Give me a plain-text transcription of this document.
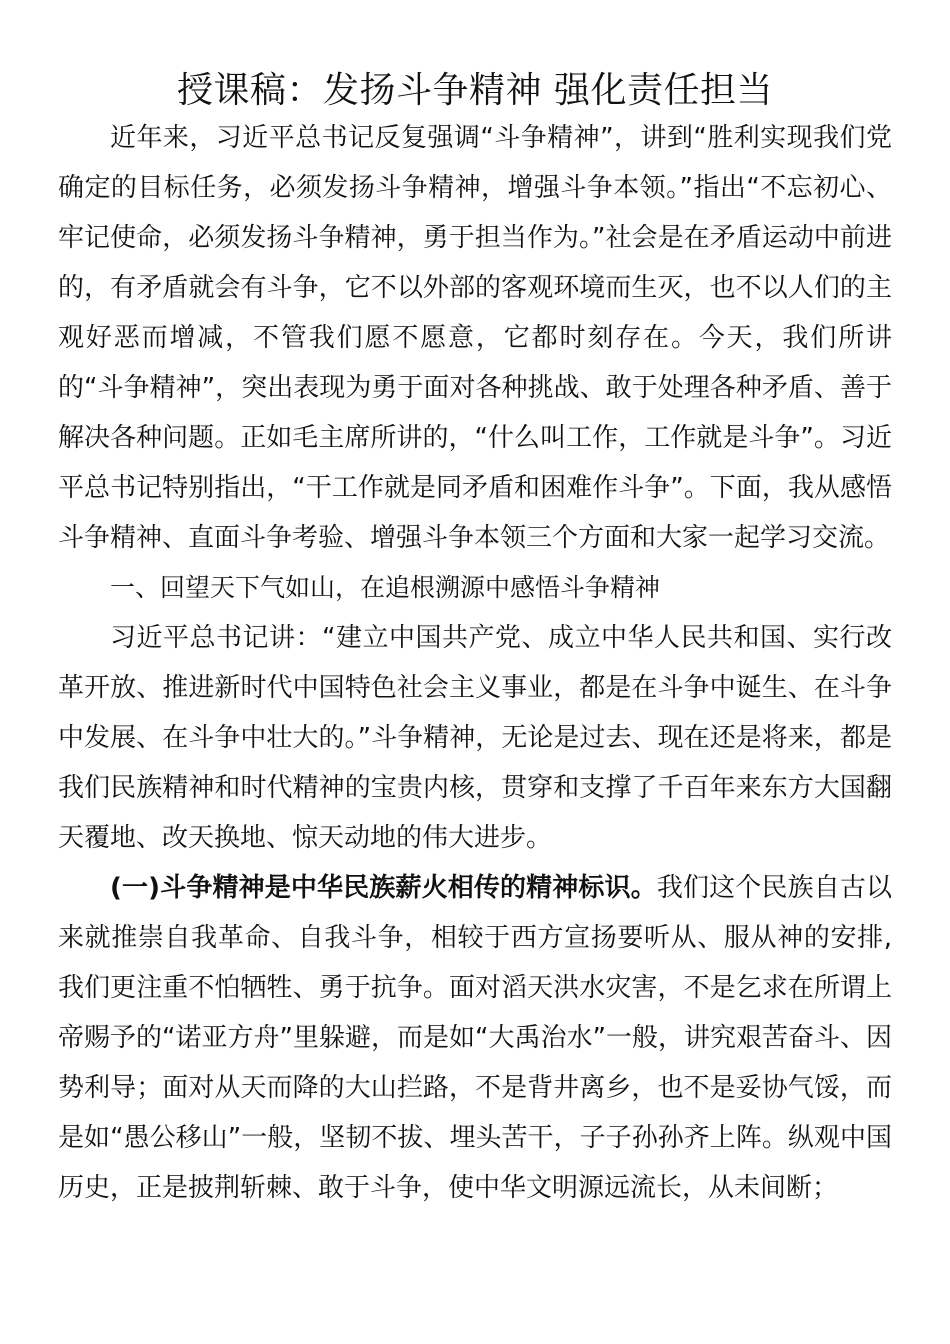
授课稿：发扬斗争精神 强化责任担当

近年来，习近平总书记反复强调“斗争精神”，讲到“胜利实现我们党确定的目标任务，必须发扬斗争精神，增强斗争本领。”指出“不忘初心、牢记使命，必须发扬斗争精神，勇于担当作为。”社会是在矛盾运动中前进的，有矛盾就会有斗争，它不以外部的客观环境而生灭，也不以人们的主观好恶而增减，不管我们愿不愿意，它都时刻存在。今天，我们所讲的“斗争精神”，突出表现为勇于面对各种挑战、敢于处理各种矛盾、善于解决各种问题。正如毛主席所讲的，“什么叫工作，工作就是斗争”。习近平总书记特别指出，“干工作就是同矛盾和困难作斗争”。下面，我从感悟斗争精神、直面斗争考验、增强斗争本领三个方面和大家一起学习交流。

一、回望天下气如山，在追根溯源中感悟斗争精神

习近平总书记讲：“建立中国共产党、成立中华人民共和国、实行改革开放、推进新时代中国特色社会主义事业，都是在斗争中诞生、在斗争中发展、在斗争中壮大的。”斗争精神，无论是过去、现在还是将来，都是我们民族精神和时代精神的宝贵内核，贯穿和支撑了千百年来东方大国翻天覆地、改天换地、惊天动地的伟大进步。

(一)斗争精神是中华民族薪火相传的精神标识。我们这个民族自古以来就推崇自我革命、自我斗争，相较于西方宣扬要听从、服从神的安排,我们更注重不怕牺牲、勇于抗争。面对滔天洪水灾害，不是乞求在所谓上帝赐予的“诺亚方舟”里躲避，而是如“大禹治水”一般，讲究艰苦奋斗、因势利导；面对从天而降的大山拦路，不是背井离乡，也不是妥协气馁，而是如“愚公移山”一般，坚韧不拔、埋头苦干，子子孙孙齐上阵。纵观中国历史，正是披荆斩棘、敢于斗争，使中华文明源远流长，从未间断；
